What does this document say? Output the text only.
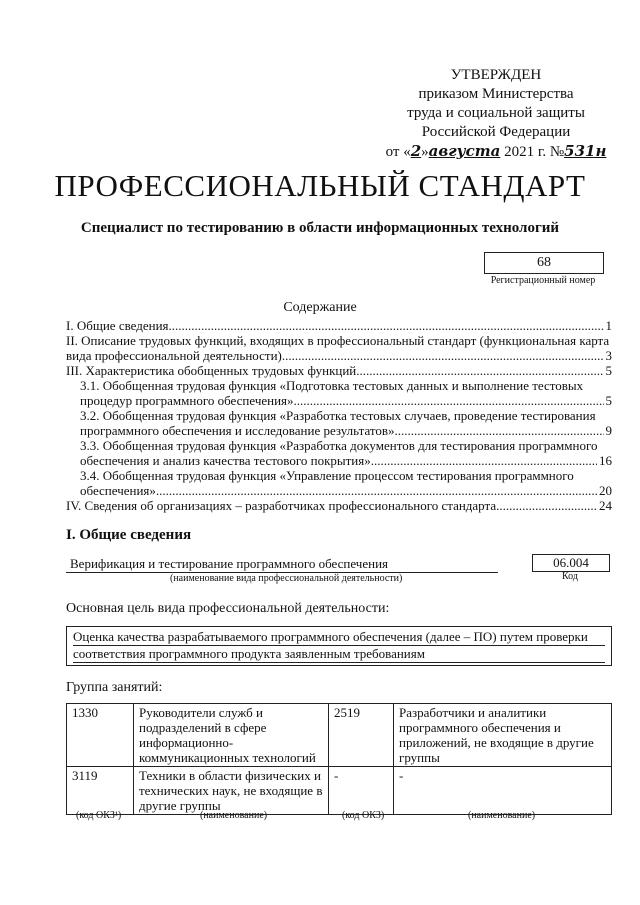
УТВЕРЖДЕН
приказом Министерства
труда и социальной защиты
Российской Федерации
от «2»августа 2021 г. №531н
ПРОФЕССИОНАЛЬНЫЙ СТАНДАРТ
Специалист по тестированию в области информационных технологий
68
Регистрационный номер
Содержание
I. Общие сведения .....	1
II. Описание трудовых функций, входящих в профессиональный стандарт (функциональная карта
вида профессиональной деятельности) .....	3
III. Характеристика обобщенных трудовых функций .....	5
3.1. Обобщенная трудовая функция «Подготовка тестовых данных и выполнение тестовых
процедур программного обеспечения» .....	5
3.2. Обобщенная трудовая функция «Разработка тестовых случаев, проведение тестирования
программного обеспечения и исследование результатов» .....	9
3.3. Обобщенная трудовая функция «Разработка документов для тестирования программного
обеспечения и анализ качества тестового покрытия» .....	16
3.4. Обобщенная трудовая функция «Управление процессом тестирования программного
обеспечения» .....	20
IV. Сведения об организациях – разработчиках профессионального стандарта .....	24
I. Общие сведения
Верификация и тестирование программного обеспечения
(наименование вида профессиональной деятельности)
06.004
Код
Основная цель вида профессиональной деятельности:
Оценка качества разрабатываемого программного обеспечения (далее – ПО) путем проверки
соответствия программного продукта заявленным требованиям
Группа занятий:
1330	Руководители служб и подразделений в сфере информационно-коммуникационных технологий	2519	Разработчики и аналитики программного обеспечения и приложений, не входящие в другие группы
3119	Техники в области физических и технических наук, не входящие в другие группы	-	-
(код ОКЗ¹)	(наименование)	(код ОКЗ)	(наименование)
